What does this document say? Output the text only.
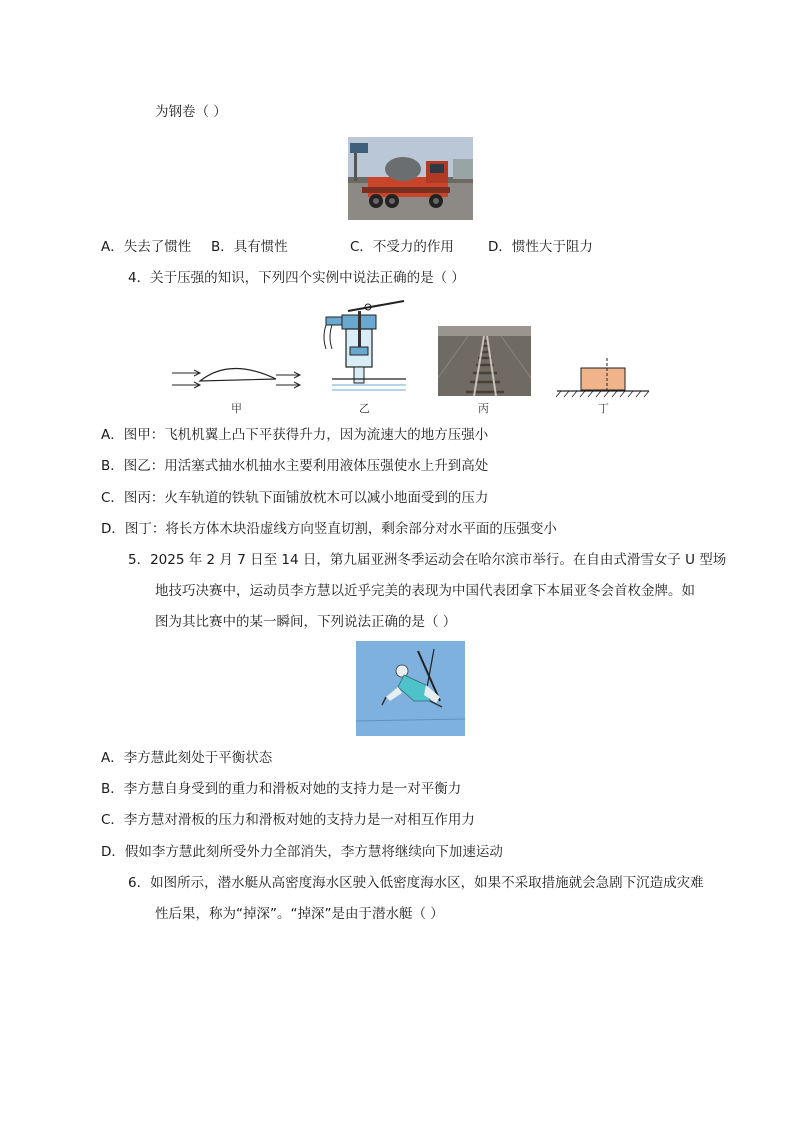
为钢卷（ ）
A．失去了惯性 B．具有惯性	C．不受力的作用	D．惯性大于阻力
4．关于压强的知识，下列四个实例中说法正确的是（ ）
甲	乙	丙	丁
A．图甲：飞机机翼上凸下平获得升力，因为流速大的地方压强小
B．图乙：用活塞式抽水机抽水主要利用液体压强使水上升到高处
C．图丙：火车轨道的铁轨下面铺放枕木可以减小地面受到的压力
D．图丁：将长方体木块沿虚线方向竖直切割，剩余部分对水平面的压强变小
5．2025 年 2 月 7 日至 14 日，第九届亚洲冬季运动会在哈尔滨市举行。在自由式滑雪女子 U 型场
地技巧决赛中，运动员李方慧以近乎完美的表现为中国代表团拿下本届亚冬会首枚金牌。如
图为其比赛中的某一瞬间，下列说法正确的是（ ）
A．李方慧此刻处于平衡状态
B．李方慧自身受到的重力和滑板对她的支持力是一对平衡力
C．李方慧对滑板的压力和滑板对她的支持力是一对相互作用力
D．假如李方慧此刻所受外力全部消失，李方慧将继续向下加速运动
6．如图所示，潜水艇从高密度海水区驶入低密度海水区，如果不采取措施就会急剧下沉造成灾难
性后果，称为“掉深”。“掉深”是由于潜水艇（ ）
